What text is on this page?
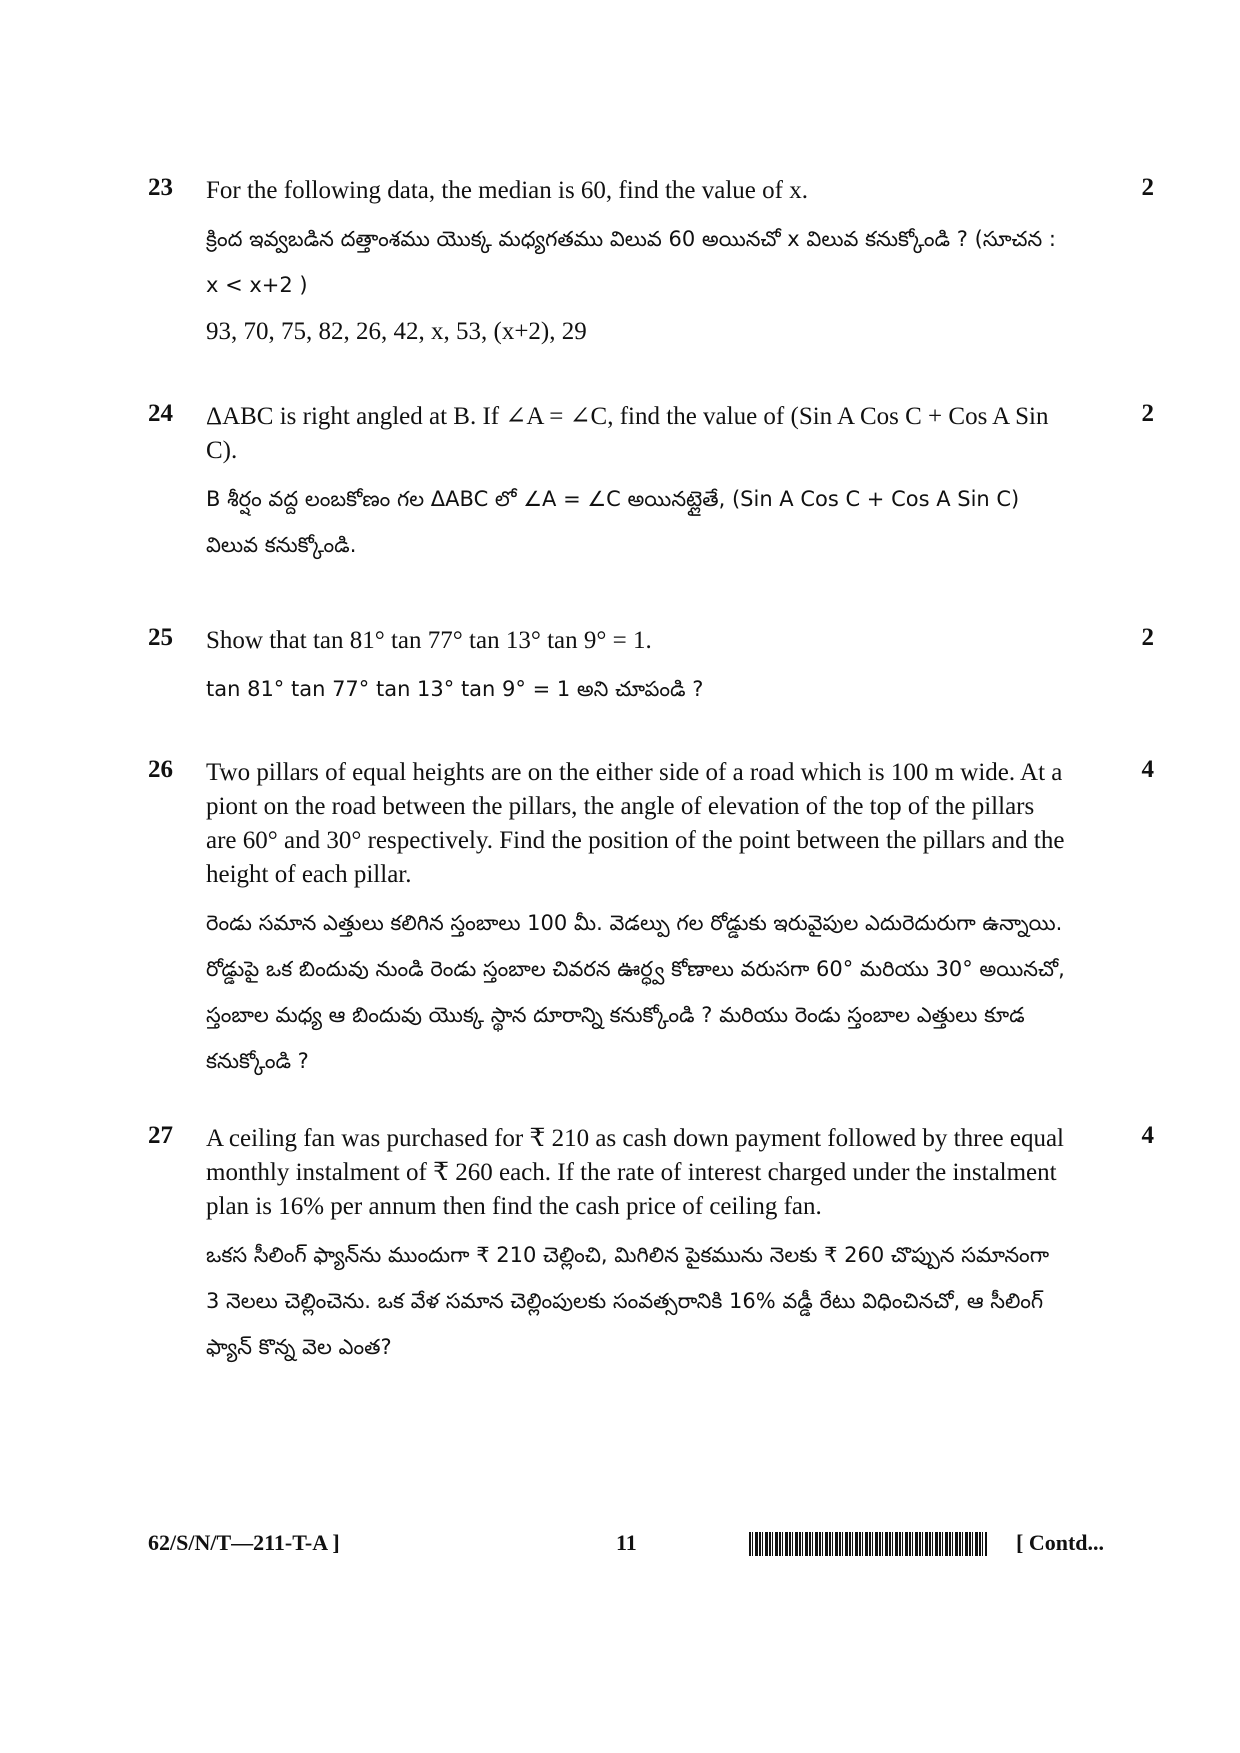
23	2
For the following data, the median is 60, find the value of x.
క్రింద ఇవ్వబడిన దత్తాంశము యొక్క మధ్యగతము విలువ 60 అయినచో x విలువ కనుక్కోండి ? (సూచన : x < x+2 )
93, 70, 75, 82, 26, 42, x, 53, (x+2), 29
24	2
ΔABC is right angled at B. If ∠A = ∠C, find the value of (Sin A Cos C + Cos A Sin C).
B శీర్షం వద్ద లంబకోణం గల ΔABC లో ∠A = ∠C అయినట్లైతే, (Sin A Cos C + Cos A Sin C) విలువ కనుక్కోండి.
25	2
Show that tan 81° tan 77° tan 13° tan 9° = 1.
tan 81° tan 77° tan 13° tan 9° = 1 అని చూపండి ?
26	4
Two pillars of equal heights are on the either side of a road which is 100 m wide. At a piont on the road between the pillars, the angle of elevation of the top of the pillars are 60° and 30° respectively. Find the position of the point between the pillars and the height of each pillar.
రెండు సమాన ఎత్తులు కలిగిన స్తంబాలు 100 మీ. వెడల్పు గల రోడ్డుకు ఇరువైపుల ఎదురెదురుగా ఉన్నాయి. రోడ్డుపై ఒక బిందువు నుండి రెండు స్తంబాల చివరన ఊర్ధ్వ కోణాలు వరుసగా 60° మరియు 30° అయినచో, స్తంబాల మధ్య ఆ బిందువు యొక్క స్థాన దూరాన్ని కనుక్కోండి ? మరియు రెండు స్తంబాల ఎత్తులు కూడ కనుక్కోండి ?
27	4
A ceiling fan was purchased for ₹ 210 as cash down payment followed by three equal monthly instalment of ₹ 260 each. If the rate of interest charged under the instalment plan is 16% per annum then find the cash price of ceiling fan.
ఒకస సీలింగ్ ఫ్యాన్‌ను ముందుగా ₹ 210 చెల్లించి, మిగిలిన పైకమును నెలకు ₹ 260 చొప్పున సమానంగా 3 నెలలు చెల్లించెను. ఒక వేళ సమాన చెల్లింపులకు సంవత్సరానికి 16% వడ్డీ రేటు విధించినచో, ఆ సీలింగ్ ఫ్యాన్ కొన్న వెల ఎంత?
62/S/N/T—211-T-A ]	11	[ Contd...
